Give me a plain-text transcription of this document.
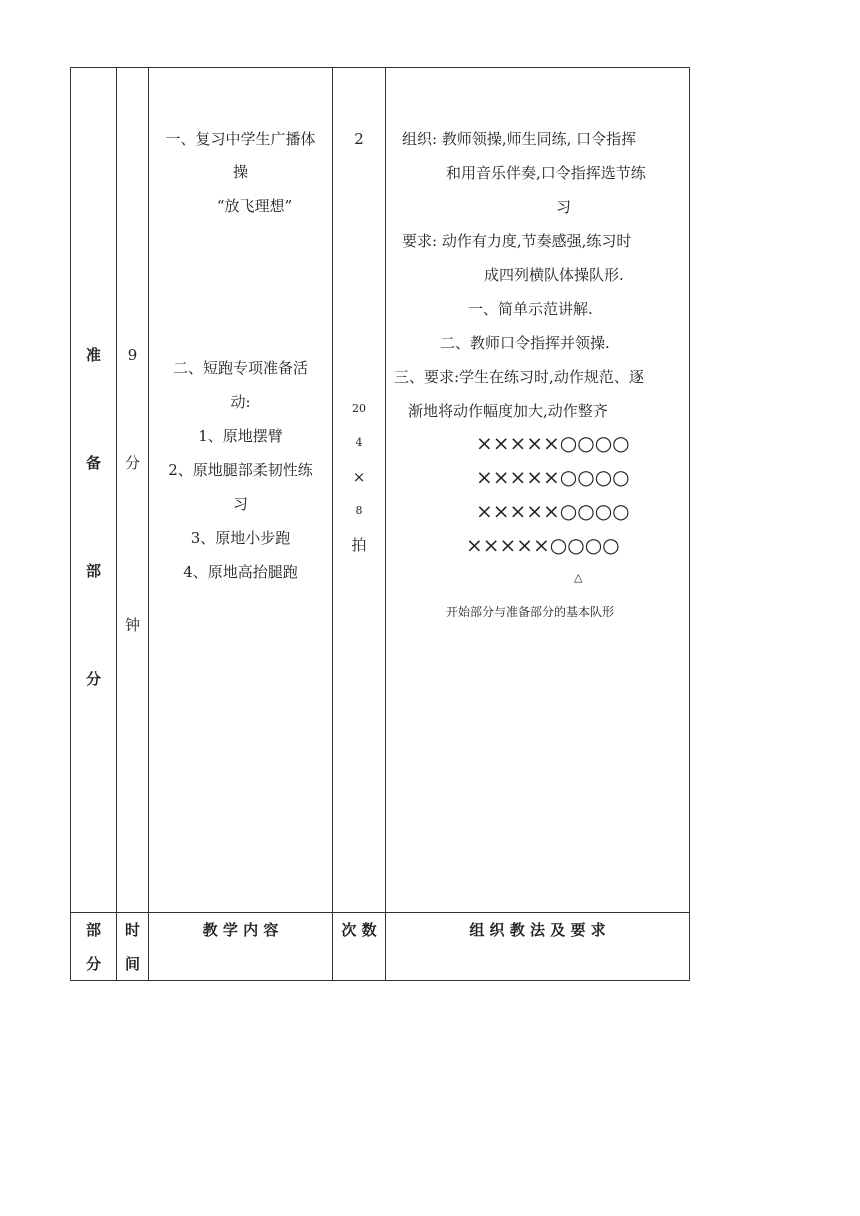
准
备
部
分
9
分
钟
一、复习中学生广播体
操
“放飞理想”
二、短跑专项准备活
动:
1、原地摆臂
2、原地腿部柔韧性练
习
3、原地小步跑
4、原地高抬腿跑
2
20
4
×
8
拍
组织: 教师领操,师生同练, 口令指挥
和用音乐伴奏,口令指挥选节练
习
要求: 动作有力度,节奏感强,练习时
成四列横队体操队形.
一、简单示范讲解.
二、教师口令指挥并领操.
三、要求:学生在练习时,动作规范、逐
渐地将动作幅度加大,动作整齐
×××××○○○○
×××××○○○○
×××××○○○○
×××××○○○○
△
开始部分与准备部分的基本队形
部
分
时
间
教 学 内 容	次 数	组 织 教 法 及 要 求
